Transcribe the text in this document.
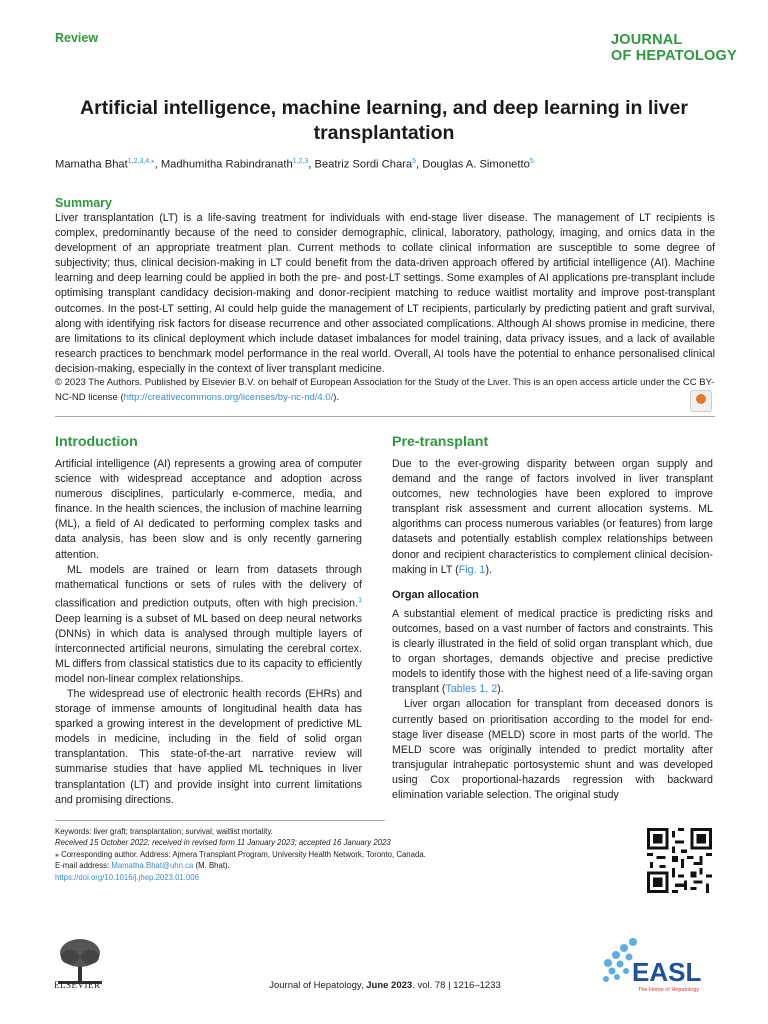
Review	JOURNAL
OF HEPATOLOGY
Artificial intelligence, machine learning, and deep learning in liver transplantation
Mamatha Bhat$^{1,2,3,4,⁎}$, Madhumitha Rabindranath$^{1,2,3}$, Beatriz Sordi Chara$^5$, Douglas A. Simonetto$^5$
Summary
Liver transplantation (LT) is a life-saving treatment for individuals with end-stage liver disease. The management of LT recipients is complex, predominantly because of the need to consider demographic, clinical, laboratory, pathology, imaging, and omics data in the development of an appropriate treatment plan. Current methods to collate clinical information are susceptible to some degree of subjectivity; thus, clinical decision-making in LT could benefit from the data-driven approach offered by artificial intelligence (AI). Machine learning and deep learning could be applied in both the pre- and post-LT settings. Some examples of AI applications pre-transplant include optimising transplant candidacy decision-making and donor-recipient matching to reduce waitlist mortality and improve post-transplant outcomes. In the post-LT setting, AI could help guide the management of LT recipients, particularly by predicting patient and graft survival, along with identifying risk factors for disease recurrence and other associated complications. Although AI shows promise in medicine, there are limitations to its clinical deployment which include dataset imbalances for model training, data privacy issues, and a lack of available research practices to benchmark model performance in the real world. Overall, AI tools have the potential to enhance personalised clinical decision-making, especially in the context of liver transplant medicine.
© 2023 The Authors. Published by Elsevier B.V. on behalf of European Association for the Study of the Liver. This is an open access article under the CC BY-NC-ND license (http://creativecommons.org/licenses/by-nc-nd/4.0/).
Introduction

Artificial intelligence (AI) represents a growing area of computer science with widespread acceptance and adoption across numerous disciplines, particularly e-commerce, media, and finance. In the health sciences, the inclusion of machine learning (ML), a field of AI dedicated to performing complex tasks and data analysis, has been slow and is only recently garnering attention.

ML models are trained or learn from datasets through mathematical functions or sets of rules with the delivery of classification and prediction outputs, often with high precision.$^1$ Deep learning is a subset of ML based on deep neural networks (DNNs) in which data is analysed through multiple layers of interconnected artificial neurons, simulating the cerebral cortex. ML differs from classical statistics due to its capacity to efficiently model non-linear complex relationships.

The widespread use of electronic health records (EHRs) and storage of immense amounts of longitudinal health data has sparked a growing interest in the development of predictive ML models in medicine, including in the field of solid organ transplantation. This state-of-the-art narrative review will summarise studies that have applied ML techniques in liver transplantation (LT) and provide insight into current limitations and promising directions.

Pre-transplant

Due to the ever-growing disparity between organ supply and demand and the range of factors involved in liver transplant outcomes, new technologies have been explored to improve transplant risk assessment and current allocation systems. ML algorithms can process numerous variables (or features) from large datasets and potentially establish complex relationships between donor and recipient characteristics to complement clinical decision-making in LT (Fig. 1).

Organ allocation

A substantial element of medical practice is predicting risks and outcomes, based on a vast number of factors and constraints. This is clearly illustrated in the field of solid organ transplant which, due to organ shortages, demands objective and precise predictive models to identify those with the highest need of a life-saving organ transplant (Tables 1, 2).

Liver organ allocation for transplant from deceased donors is currently based on prioritisation according to the model for end-stage liver disease (MELD) score in most parts of the world. The MELD score was originally intended to predict mortality after transjugular intrahepatic portosystemic shunt and was developed using Cox proportional-hazards regression with backward elimination variable selection. The original study

Keywords: liver graft; transplantation; survival; waitlist mortality.
Received 15 October 2022; received in revised form 11 January 2023; accepted 16 January 2023
⁎ Corresponding author. Address: Ajmera Transplant Program, University Health Network, Toronto, Canada.
E-mail address: Mamatha.Bhat@uhn.ca (M. Bhat).
https://doi.org/10.1016/j.jhep.2023.01.006
ELSEVIER	Journal of Hepatology, June 2023. vol. 78 | 1216–1233	EASL
The Home of Hepatology
